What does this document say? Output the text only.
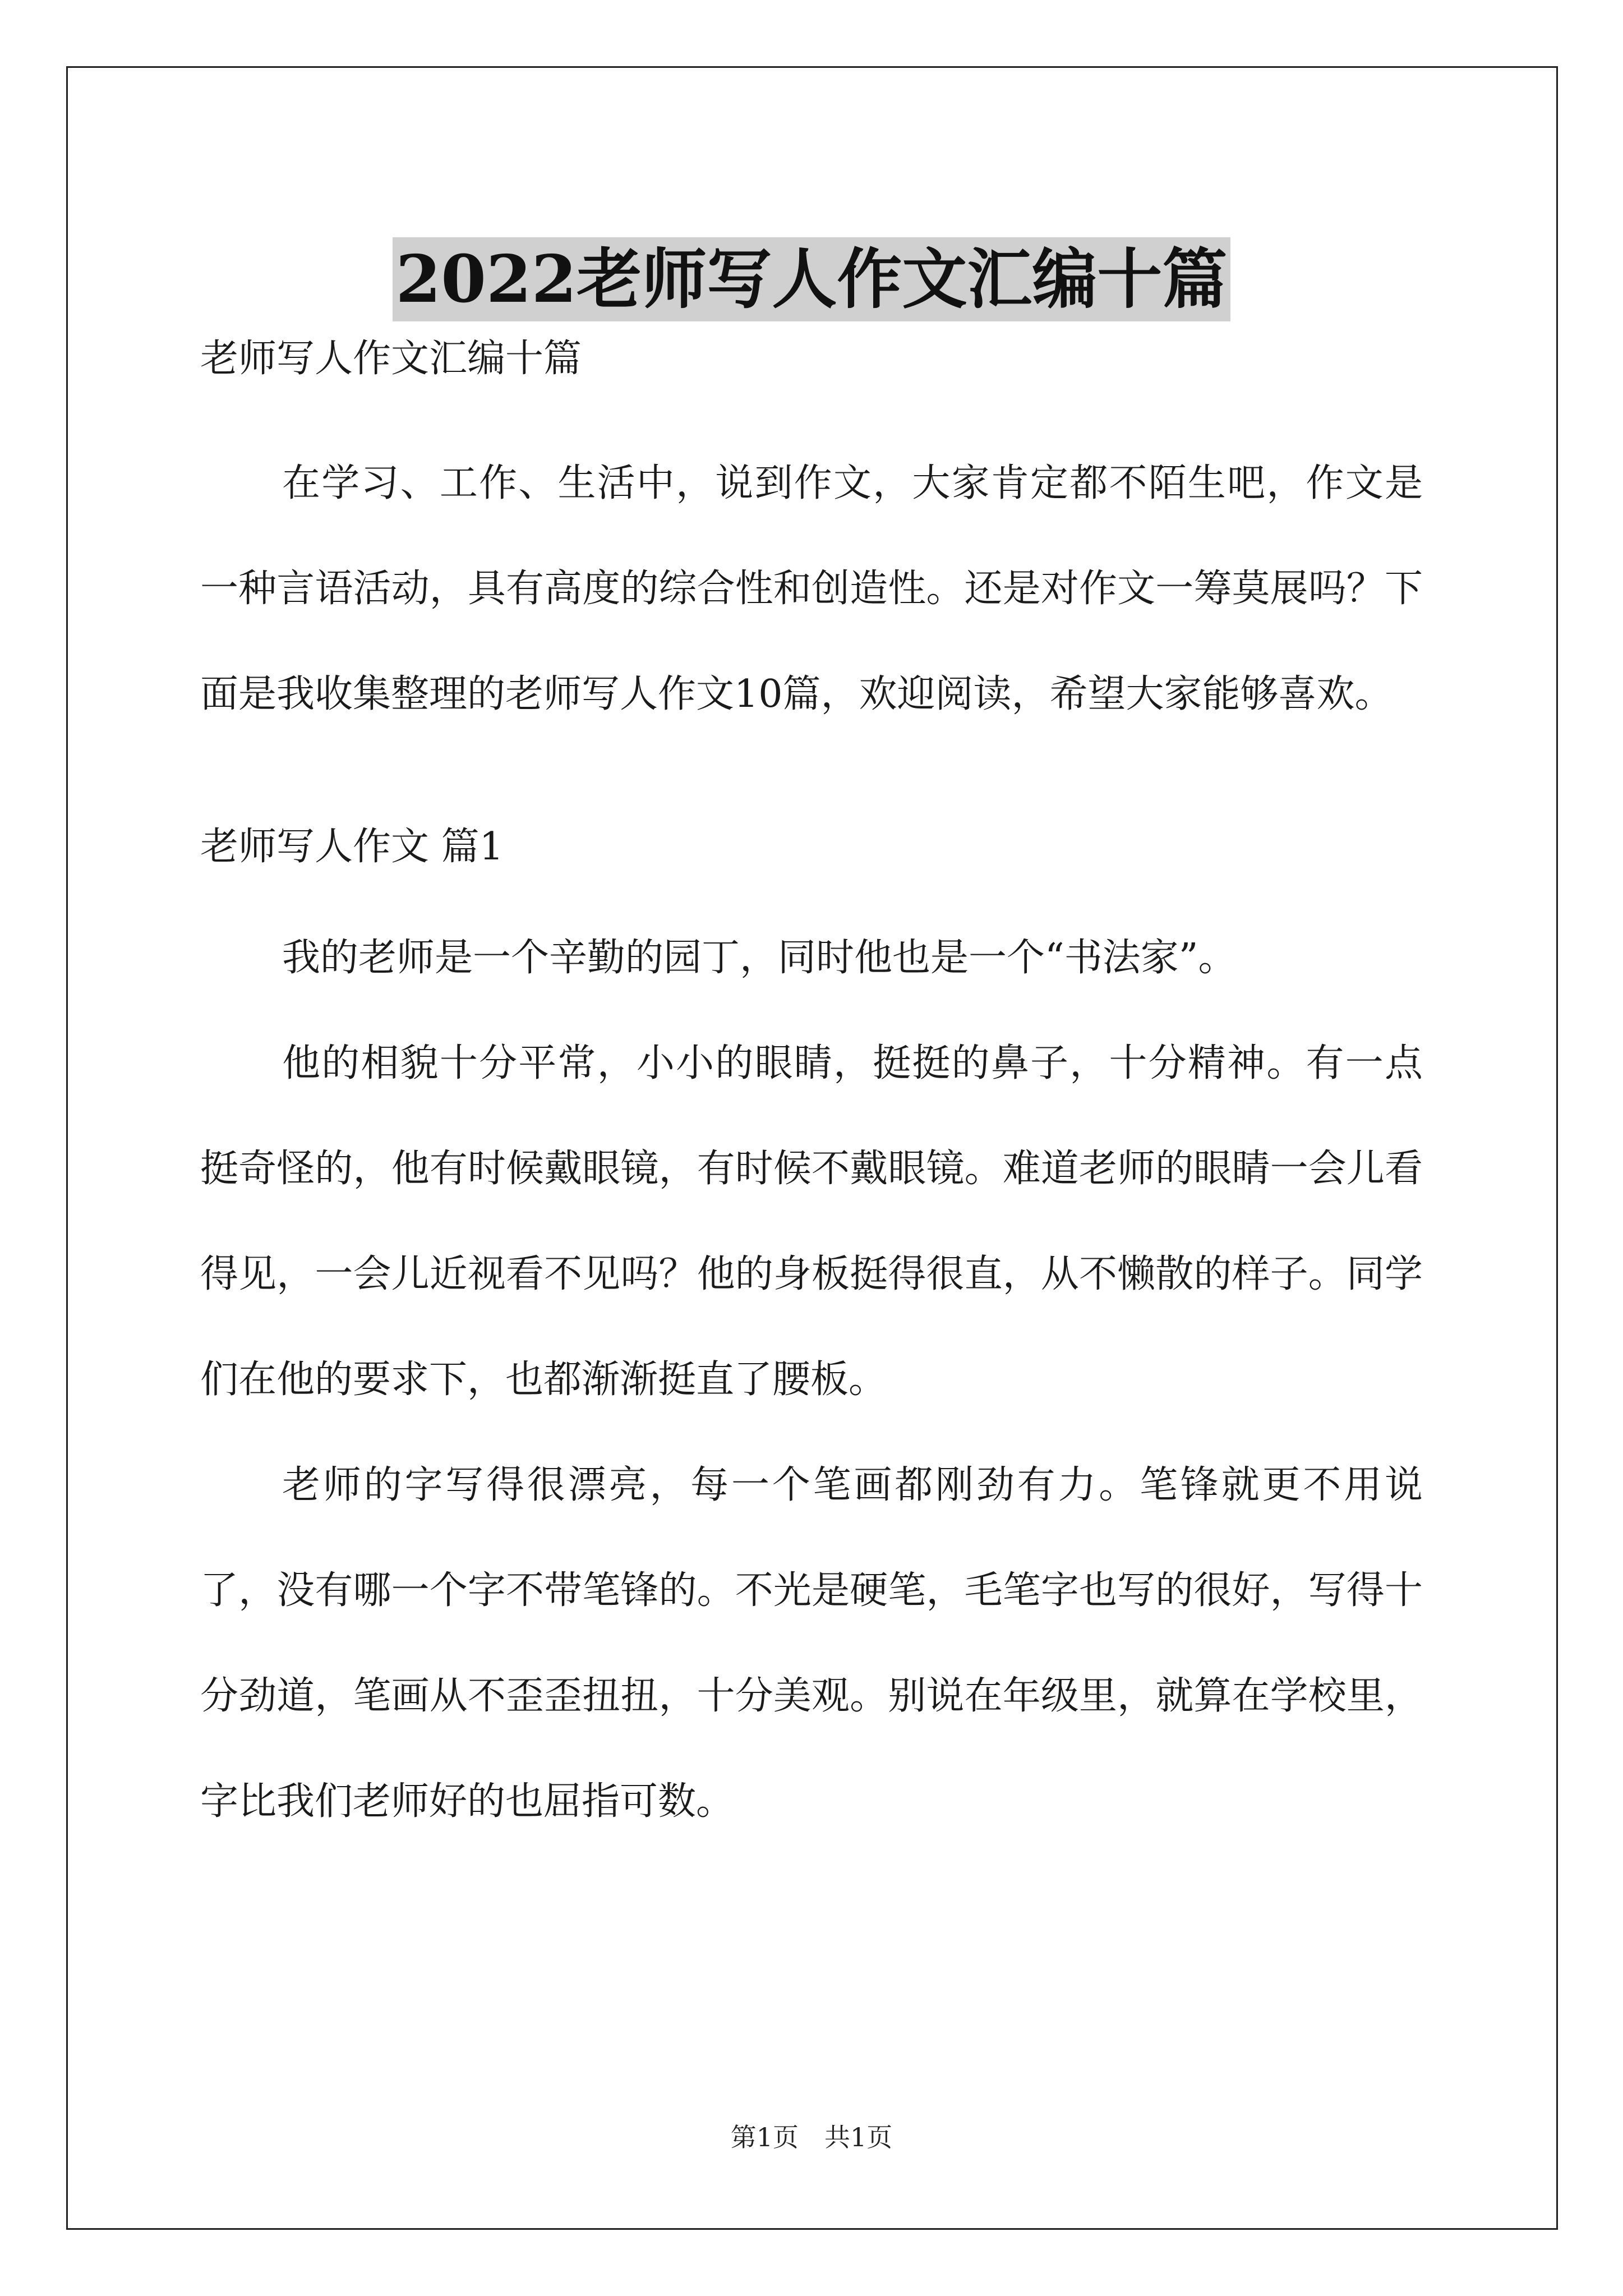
2022老师写人作文汇编十篇

老师写人作文汇编十篇

在学习、工作、生活中，说到作文，大家肯定都不陌生吧，作文是一种言语活动，具有高度的综合性和创造性。还是对作文一筹莫展吗？下面是我收集整理的老师写人作文10篇，欢迎阅读，希望大家能够喜欢。

老师写人作文 篇1

我的老师是一个辛勤的园丁，同时他也是一个“书法家”。

他的相貌十分平常，小小的眼睛，挺挺的鼻子，十分精神。有一点挺奇怪的，他有时候戴眼镜，有时候不戴眼镜。难道老师的眼睛一会儿看得见，一会儿近视看不见吗？他的身板挺得很直，从不懒散的样子。同学们在他的要求下，也都渐渐挺直了腰板。

老师的字写得很漂亮，每一个笔画都刚劲有力。笔锋就更不用说了，没有哪一个字不带笔锋的。不光是硬笔，毛笔字也写的很好，写得十分劲道，笔画从不歪歪扭扭，十分美观。别说在年级里，就算在学校里，字比我们老师好的也屈指可数。

第1页 共1页
